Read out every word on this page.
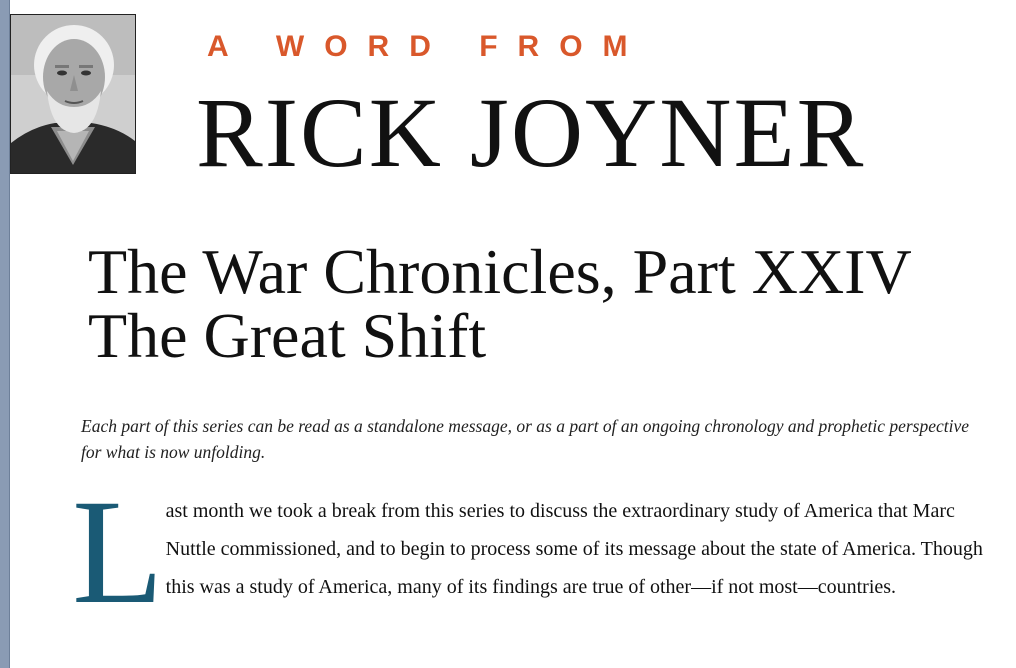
A WORD FROM
RICK JOYNER
The War Chronicles, Part XXIV
The Great Shift

Each part of this series can be read as a standalone message, or as a part of an ongoing chronology and prophetic perspective for what is now unfolding.

L ast month we took a break from this series to discuss the extraordinary study of America that Marc Nuttle commissioned, and to begin to process some of its message about the state of America. Though this was a study of America, many of its findings are true of other—if not most—countries.
